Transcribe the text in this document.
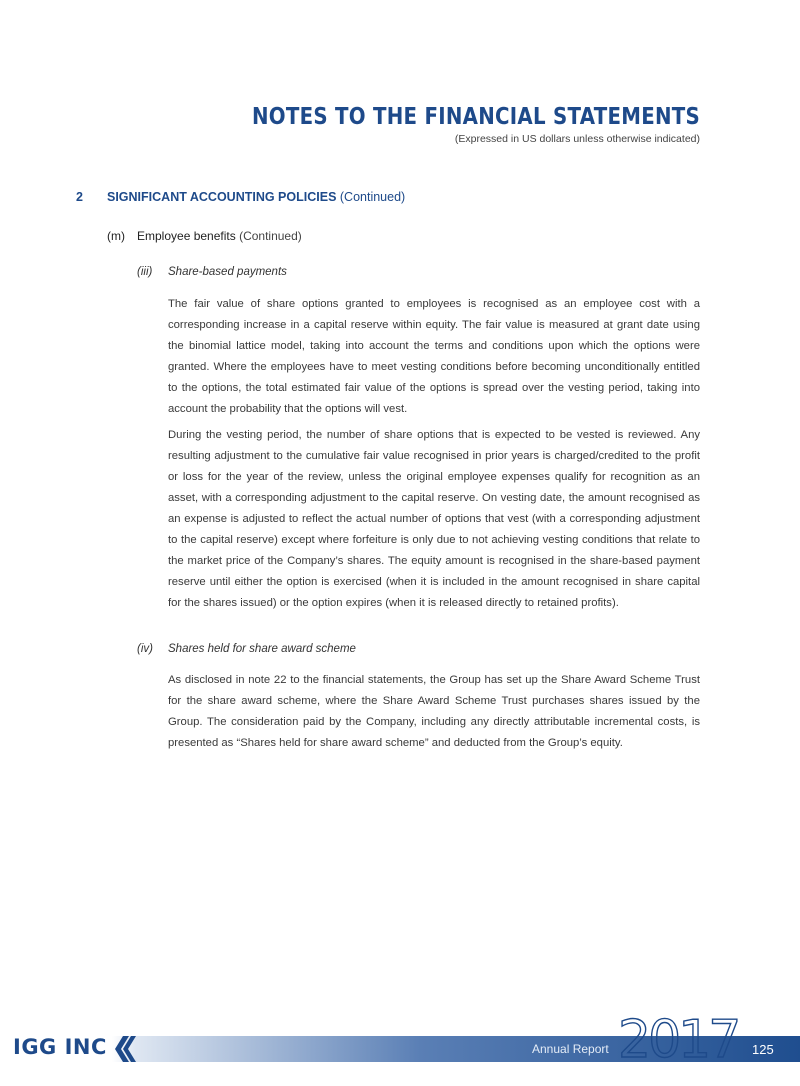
NOTES TO THE FINANCIAL STATEMENTS
(Expressed in US dollars unless otherwise indicated)
2 SIGNIFICANT ACCOUNTING POLICIES (Continued)
(m) Employee benefits (Continued)
(iii) Share-based payments

The fair value of share options granted to employees is recognised as an employee cost with a corresponding increase in a capital reserve within equity. The fair value is measured at grant date using the binomial lattice model, taking into account the terms and conditions upon which the options were granted. Where the employees have to meet vesting conditions before becoming unconditionally entitled to the options, the total estimated fair value of the options is spread over the vesting period, taking into account the probability that the options will vest.

During the vesting period, the number of share options that is expected to be vested is reviewed. Any resulting adjustment to the cumulative fair value recognised in prior years is charged/credited to the profit or loss for the year of the review, unless the original employee expenses qualify for recognition as an asset, with a corresponding adjustment to the capital reserve. On vesting date, the amount recognised as an expense is adjusted to reflect the actual number of options that vest (with a corresponding adjustment to the capital reserve) except where forfeiture is only due to not achieving vesting conditions that relate to the market price of the Company’s shares. The equity amount is recognised in the share-based payment reserve until either the option is exercised (when it is included in the amount recognised in share capital for the shares issued) or the option expires (when it is released directly to retained profits).

(iv) Shares held for share award scheme

As disclosed in note 22 to the financial statements, the Group has set up the Share Award Scheme Trust for the share award scheme, where the Share Award Scheme Trust purchases shares issued by the Group. The consideration paid by the Company, including any directly attributable incremental costs, is presented as “Shares held for share award scheme” and deducted from the Group’s equity.

IGG INC	Annual Report 2017 125
